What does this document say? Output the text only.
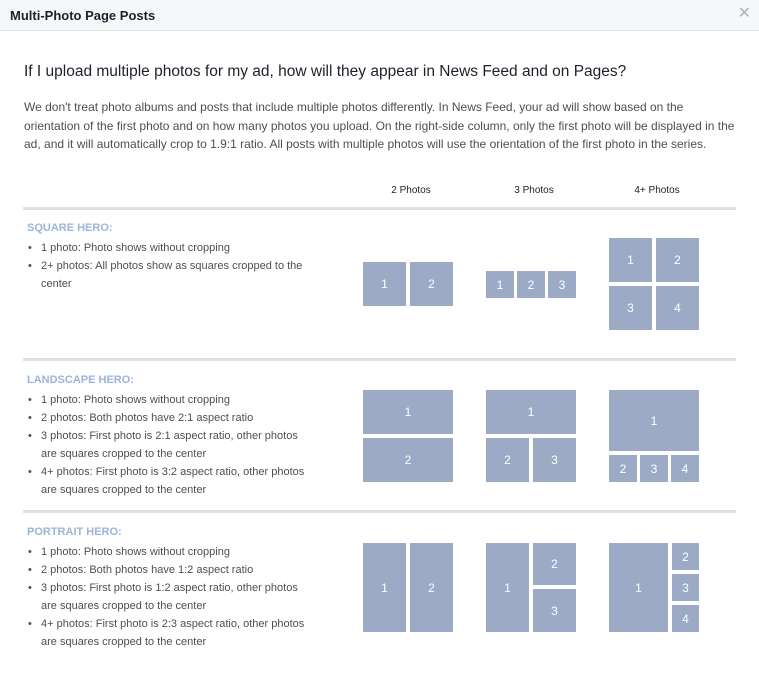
Multi-Photo Page Posts	✕
If I upload multiple photos for my ad, how will they appear in News Feed and on Pages?
We don't treat photo albums and posts that include multiple photos differently. In News Feed, your ad will show based on the orientation of the first photo and on how many photos you upload. On the right-side column, only the first photo will be displayed in the ad, and it will automatically crop to 1.9:1 ratio. All posts with multiple photos will use the orientation of the first photo in the series.
2 Photos	3 Photos	4+ Photos
SQUARE HERO:
• 1 photo: Photo shows without cropping
• 2+ photos: All photos show as squares cropped to the center
LANDSCAPE HERO:
• 1 photo: Photo shows without cropping
• 2 photos: Both photos have 2:1 aspect ratio
• 3 photos: First photo is 2:1 aspect ratio, other photos are squares cropped to the center
• 4+ photos: First photo is 3:2 aspect ratio, other photos are squares cropped to the center
PORTRAIT HERO:
• 1 photo: Photo shows without cropping
• 2 photos: Both photos have 1:2 aspect ratio
• 3 photos: First photo is 1:2 aspect ratio, other photos are squares cropped to the center
• 4+ photos: First photo is 2:3 aspect ratio, other photos are squares cropped to the center
1	2	1	2	3
1	2
3	4
1
2
1
2	3
1
2	3	4
1	2	1
2
3
1
2
3
4
